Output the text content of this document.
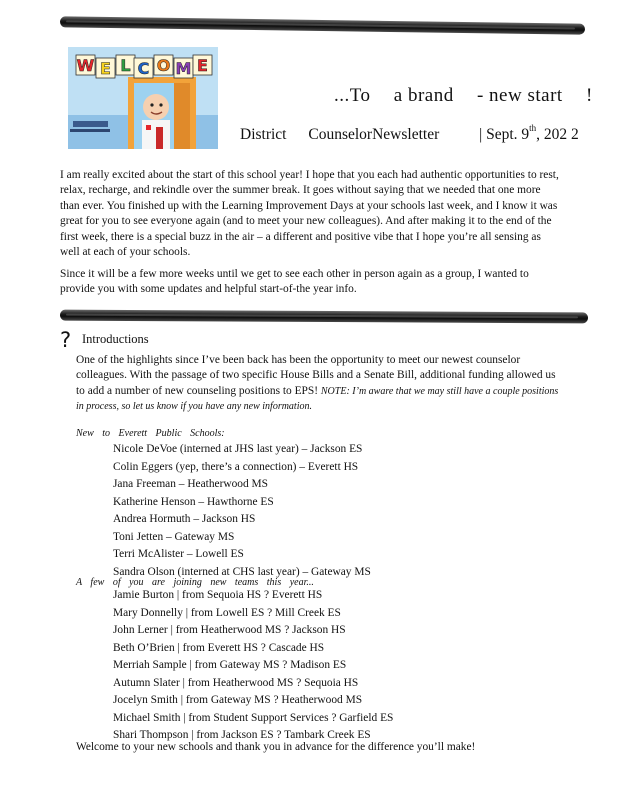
W E L C O M E
...To a brand - new start !
District CounselorNewsletter	| Sept. 9th, 202 2

I am really excited about the start of this school year! I hope that you each had authentic opportunities to rest, relax, recharge, and rekindle over the summer break. It goes without saying that we needed that one more than ever. You finished up with the Learning Improvement Days at your schools last week, and I know it was great for you to see everyone again (and to meet your new colleagues). And after making it to the end of the first week, there is a special buzz in the air – a different and positive vibe that I hope you’re all sensing as well at each of your schools.

Since it will be a few more weeks until we get to see each other in person again as a group, I wanted to provide you with some updates and helpful start-of-the year info.

? Introductions

One of the highlights since I’ve been back has been the opportunity to meet our newest counselor colleagues. With the passage of two specific House Bills and a Senate Bill, additional funding allowed us to add a number of new counseling positions to EPS! NOTE: I’m aware that we may still have a couple positions in process, so let us know if you have any new information.

New to Everett Public Schools:
Nicole DeVoe (interned at JHS last year) – Jackson ES
Colin Eggers (yep, there’s a connection) – Everett HS
Jana Freeman – Heatherwood MS
Katherine Henson – Hawthorne ES
Andrea Hormuth – Jackson HS
Toni Jetten – Gateway MS
Terri McAlister – Lowell ES
Sandra Olson (interned at CHS last year) – Gateway MS
A few of you are joining new teams this year...
Jamie Burton | from Sequoia HS ? Everett HS
Mary Donnelly | from Lowell ES ? Mill Creek ES
John Lerner | from Heatherwood MS ? Jackson HS
Beth O’Brien | from Everett HS ? Cascade HS
Merriah Sample | from Gateway MS ? Madison ES
Autumn Slater | from Heatherwood MS ? Sequoia HS
Jocelyn Smith | from Gateway MS ? Heatherwood MS
Michael Smith | from Student Support Services ? Garfield ES
Shari Thompson | from Jackson ES ? Tambark Creek ES

Welcome to your new schools and thank you in advance for the difference you’ll make!
